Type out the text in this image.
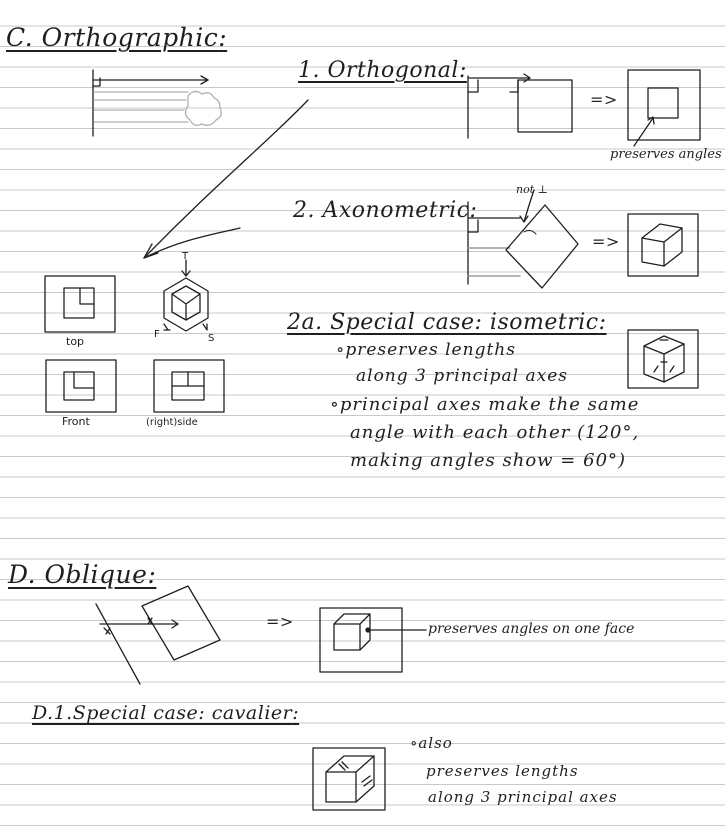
C. Orthographic:
1. Orthogonal:
=>
preserves angles
2. Axonometric:
not ⊥
=>
T
F	S
top
Front	(right)side
2a. Special case: isometric:
∘preserves lengths
along 3 principal axes
∘principal axes make the same
angle with each other (120°,
making angles show = 60°)
D. Oblique:
=>	preserves angles on one face
D.1.Special case: cavalier:
∘also
preserves lengths
along 3 principal axes
